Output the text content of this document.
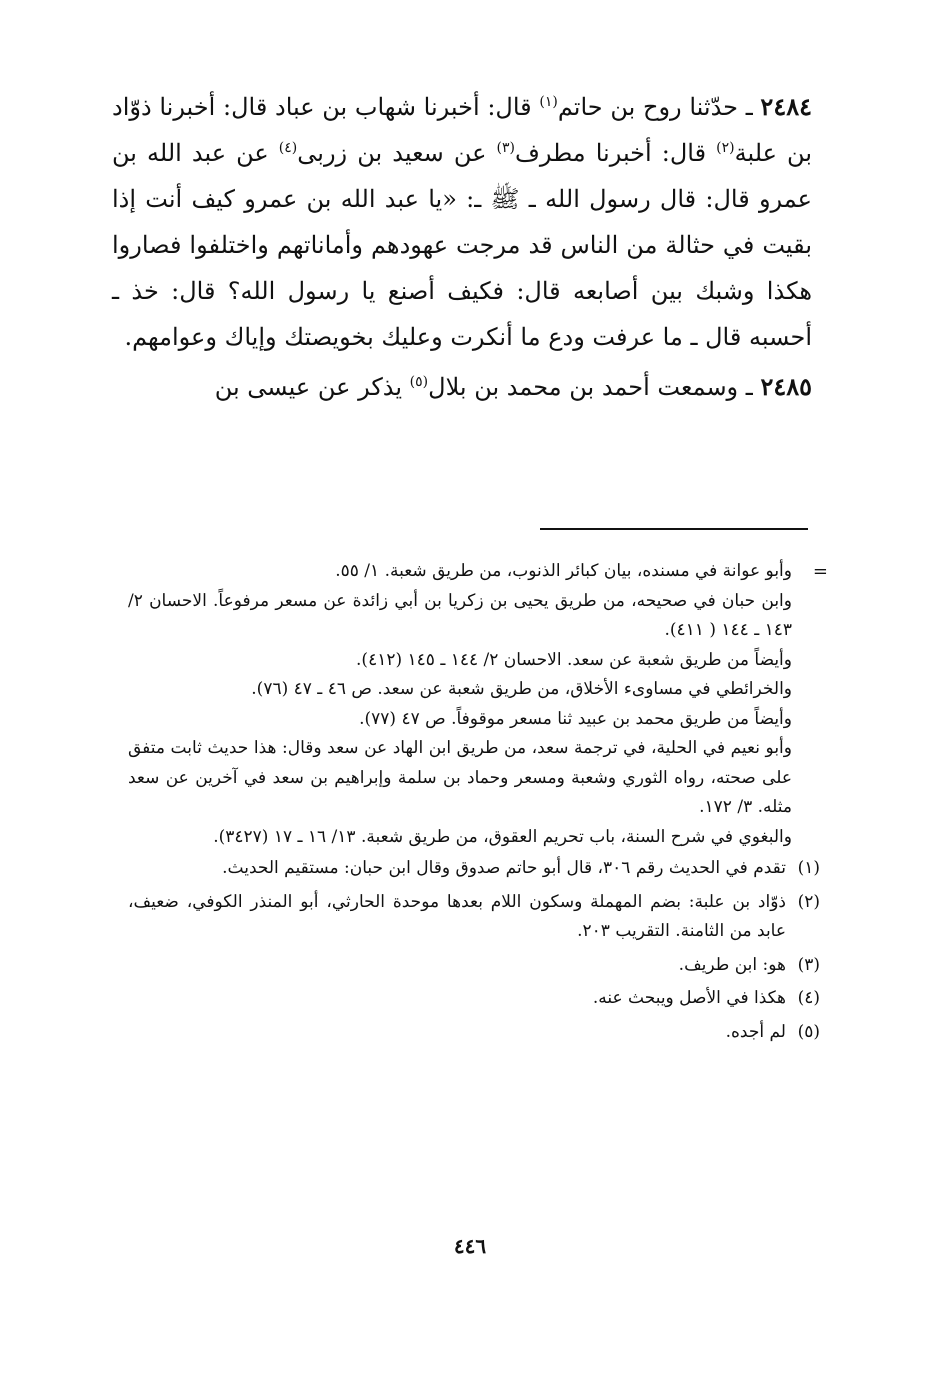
٢٤٨٤ ـ حدّثنا روح بن حاتم$^{(١)}$ قال: أخبرنا شهاب بن عباد قال: أخبرنا ذوّاد بن علبة$^{(٢)}$ قال: أخبرنا مطرف$^{(٣)}$ عن سعيد بن زربى$^{(٤)}$ عن عبد الله بن عمرو قال: قال رسول الله ـ ﷺ ـ: «يا عبد الله بن عمرو كيف أنت إذا بقيت في حثالة من الناس قد مرجت عهودهم وأماناتهم واختلفوا فصاروا هكذا وشبك بين أصابعه قال: فكيف أصنع يا رسول الله؟ قال: خذ ـ أحسبه قال ـ ما عرفت ودع ما أنكرت وعليك بخويصتك وإياك وعوامهم.

٢٤٨٥ ـ وسمعت أحمد بن محمد بن بلال$^{(٥)}$ يذكر عن عيسى بن

=

وأبو عوانة في مسنده، بيان كبائر الذنوب، من طريق شعبة. ١/ ٥٥.

وابن حبان في صحيحه، من طريق يحيى بن زكريا بن أبي زائدة عن مسعر مرفوعاً. الاحسان ٢/ ١٤٣ ـ ١٤٤ ( ٤١١).

وأيضاً من طريق شعبة عن سعد. الاحسان ٢/ ١٤٤ ـ ١٤٥ (٤١٢).

والخرائطي في مساوىء الأخلاق، من طريق شعبة عن سعد. ص ٤٦ ـ ٤٧ (٧٦).

وأيضاً من طريق محمد بن عبيد ثنا مسعر موقوفاً. ص ٤٧ (٧٧).

وأبو نعيم في الحلية، في ترجمة سعد، من طريق ابن الهاد عن سعد وقال: هذا حديث ثابت متفق على صحته، رواه الثوري وشعبة ومسعر وحماد بن سلمة وإبراهيم بن سعد في آخرين عن سعد مثله. ٣/ ١٧٢.

والبغوي في شرح السنة، باب تحريم العقوق، من طريق شعبة. ١٣/ ١٦ ـ ١٧ (٣٤٢٧).

(١)
تقدم في الحديث رقم ٣٠٦، قال أبو حاتم صدوق وقال ابن حبان: مستقيم الحديث.
(٢)
ذوّاد بن علبة: بضم المهملة وسكون اللام بعدها موحدة الحارثي، أبو المنذر الكوفي، ضعيف، عابد من الثامنة. التقريب ٢٠٣.
(٣)
هو: ابن طريف.
(٤)
هكذا في الأصل ويبحث عنه.
(٥)
لم أجده.
٤٤٦
